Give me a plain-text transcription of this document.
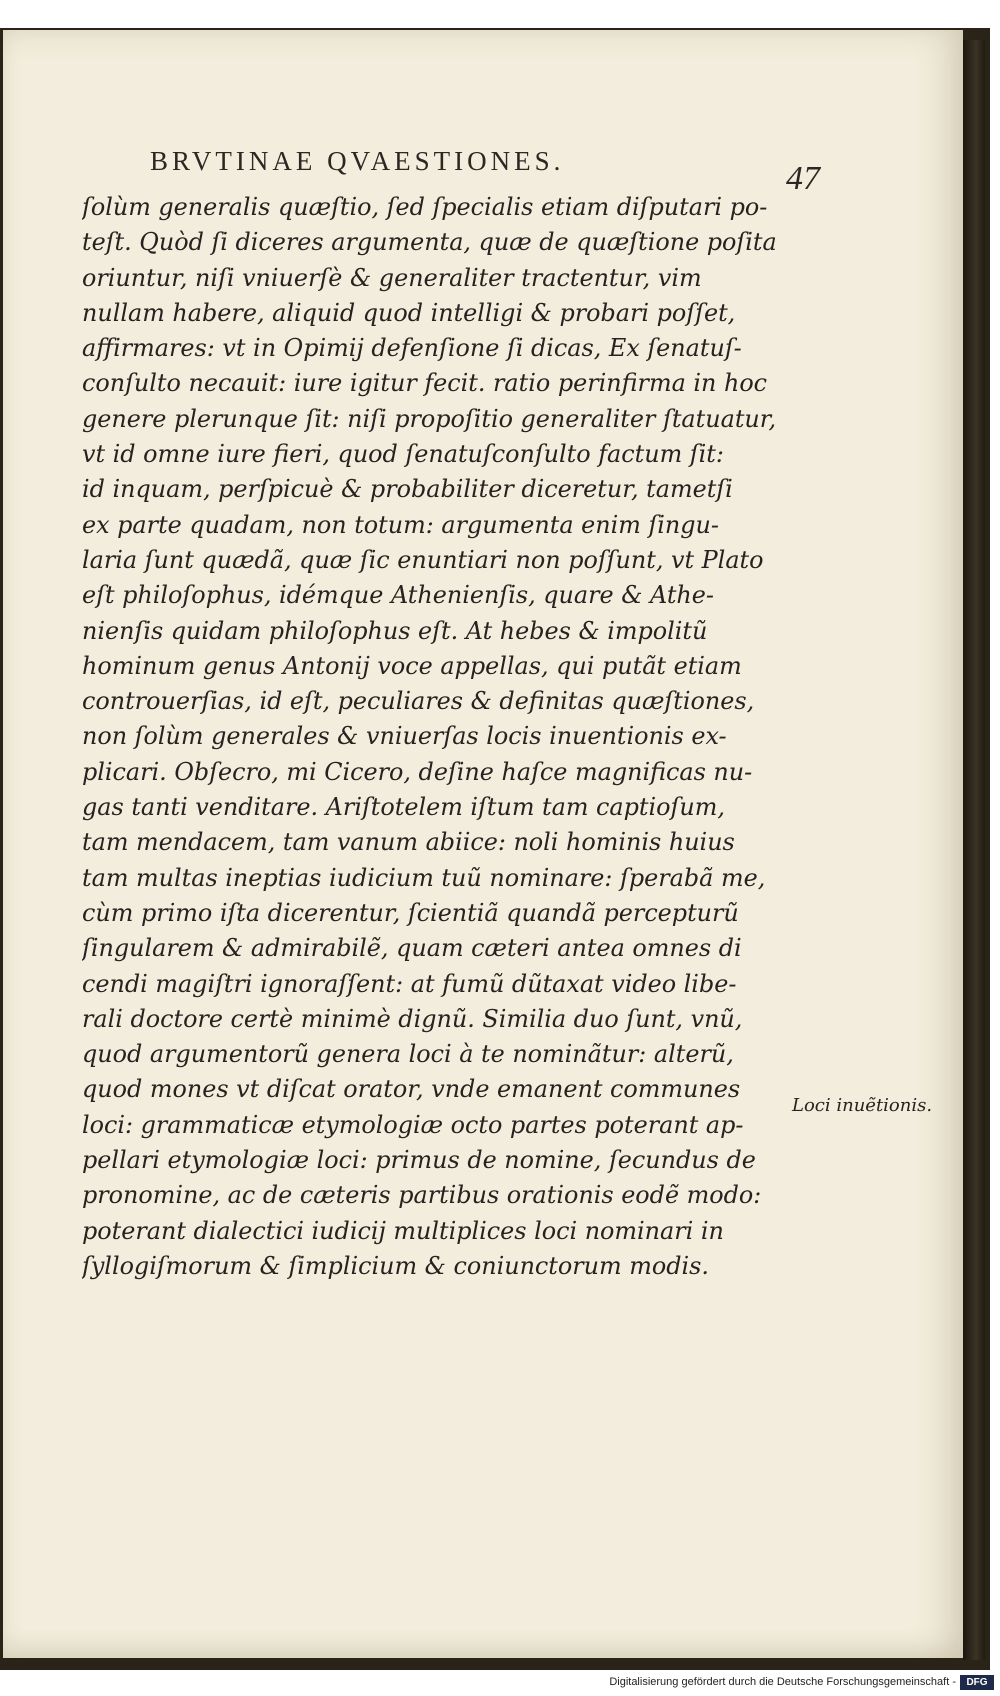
BRVTINAE QVAESTIONES.	47
ſolùm generalis quæſtio, ſed ſpecialis etiam diſputari po-
teſt. Quòd ſi diceres argumenta, quæ de quæſtione poſita
oriuntur, niſi vniuerſè & generaliter tractentur, vim
nullam habere, aliquid quod intelligi & probari poſſet,
affirmares: vt in Opimij defenſione ſi dicas, Ex ſenatuſ-
conſulto necauit: iure igitur fecit. ratio perinfirma in hoc
genere plerunque ſit: niſi propoſitio generaliter ſtatuatur,
vt id omne iure fieri, quod ſenatuſconſulto factum ſit:
id inquam, perſpicuè & probabiliter diceretur, tametſi
ex parte quadam, non totum: argumenta enim ſingu-
laria ſunt quædã, quæ ſic enuntiari non poſſunt, vt Plato
eſt philoſophus, idémque Athenienſis, quare & Athe-
nienſis quidam philoſophus eſt. At hebes & impolitũ
hominum genus Antonij voce appellas, qui putãt etiam
controuerſias, id eſt, peculiares & definitas quæſtiones,
non ſolùm generales & vniuerſas locis inuentionis ex-
plicari. Obſecro, mi Cicero, deſine haſce magnificas nu-
gas tanti venditare. Ariſtotelem iſtum tam captioſum,
tam mendacem, tam vanum abiice: noli hominis huius
tam multas ineptias iudicium tuũ nominare: ſperabã me,
cùm primo iſta dicerentur, ſcientiã quandã percepturũ
ſingularem & admirabilẽ, quam cæteri antea omnes di
cendi magiſtri ignoraſſent: at fumũ dũtaxat video libe-
rali doctore certè minimè dignũ. Similia duo ſunt, vnũ,
quod argumentorũ genera loci à te nominãtur: alterũ,
quod mones vt diſcat orator, vnde emanent communes
loci: grammaticæ etymologiæ octo partes poterant ap-
pellari etymologiæ loci: primus de nomine, ſecundus de
pronomine, ac de cæteris partibus orationis eodẽ modo:
poterant dialectici iudicij multiplices loci nominari in
ſyllogiſmorum & ſimplicium & coniunctorum modis.
Loci inuẽtionis.
Digitalisierung gefördert durch die Deutsche Forschungsgemeinschaft -	DFG
